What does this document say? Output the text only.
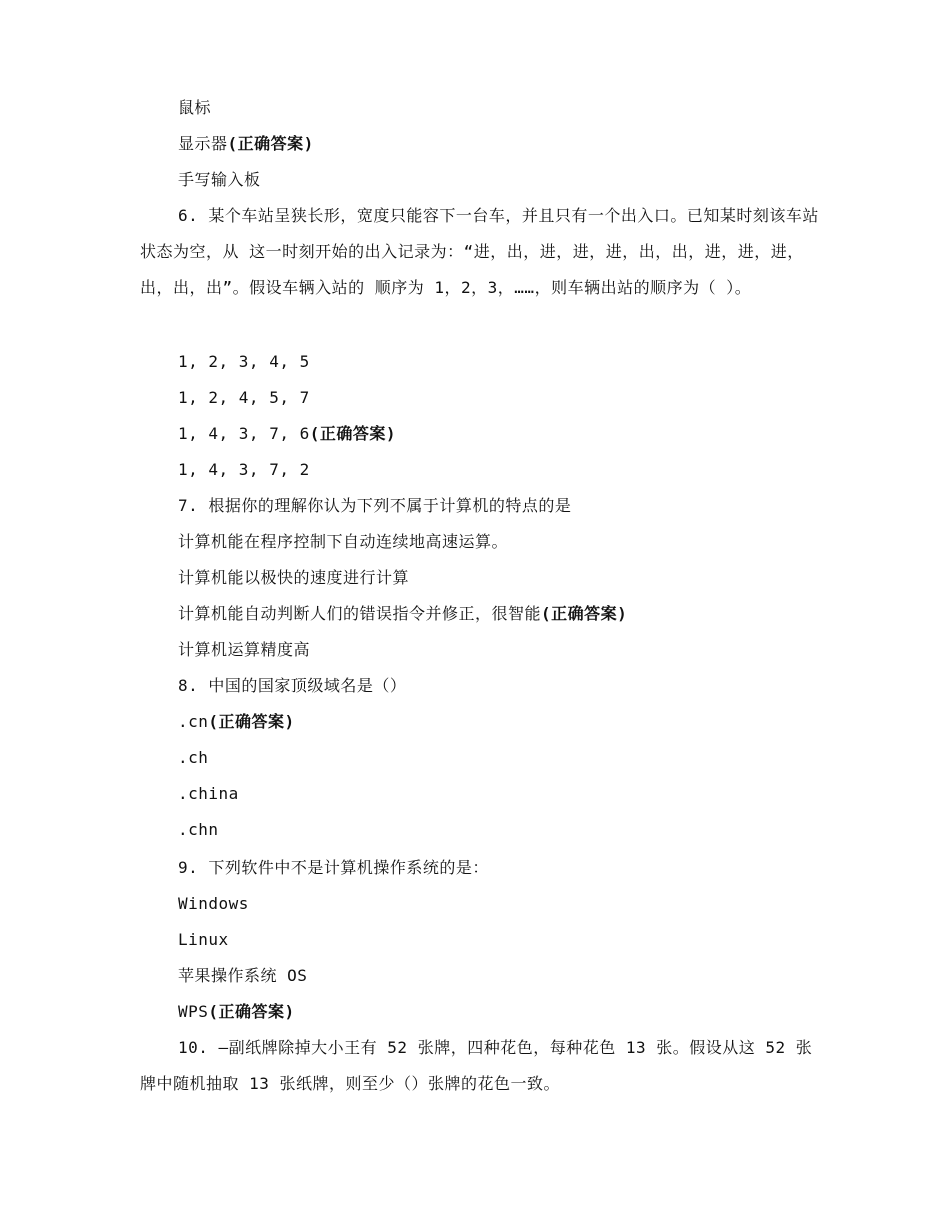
鼠标
显示器(正确答案)
手写输入板
6. 某个车站呈狭长形，宽度只能容下一台车，并且只有一个出入口。已知某时刻该车站状态为空，从 这一时刻开始的出入记录为：“进，出，进，进，进，出，出，进，进，进，出，出，出”。假设车辆入站的 顺序为 1，2，3，……，则车辆出站的顺序为（ ）。
1, 2, 3, 4, 5
1, 2, 4, 5, 7
1, 4, 3, 7, 6(正确答案)
1, 4, 3, 7, 2
7. 根据你的理解你认为下列不属于计算机的特点的是
计算机能在程序控制下自动连续地高速运算。
计算机能以极快的速度进行计算
计算机能自动判断人们的错误指令并修正，很智能(正确答案)
计算机运算精度高
8. 中国的国家顶级域名是（）
.cn(正确答案)
.ch
.china
.chn
9. 下列软件中不是计算机操作系统的是：
Windows
Linux
苹果操作系统 OS
WPS(正确答案)
10. —副纸牌除掉大小王有 52 张牌，四种花色，每种花色 13 张。假设从这 52 张牌中随机抽取 13 张纸牌，则至少（）张牌的花色一致。
